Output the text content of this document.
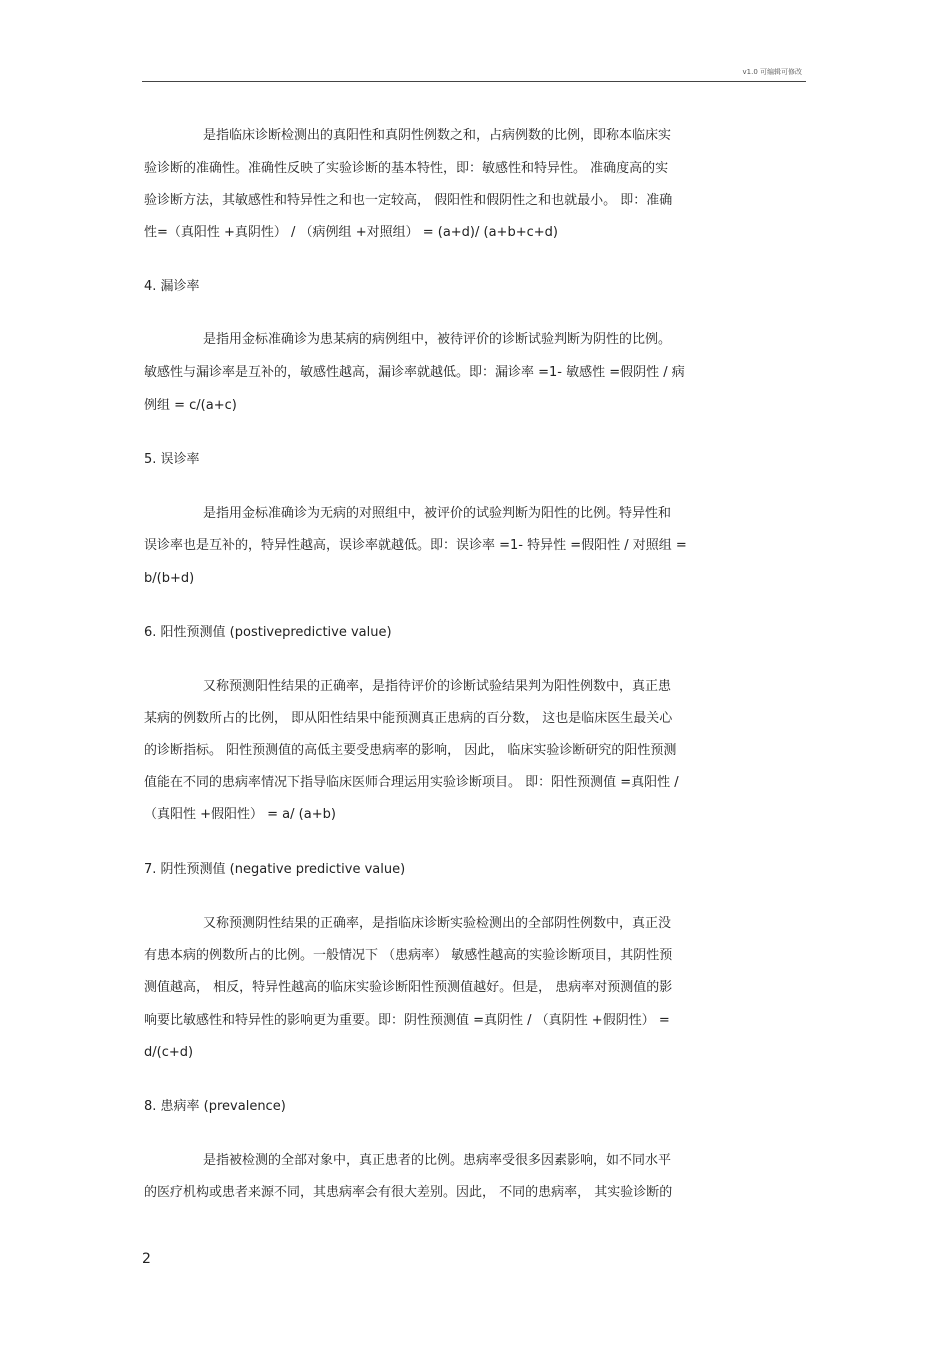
v1.0 可编辑可修改
是指临床诊断检测出的真阳性和真阴性例数之和，占病例数的比例，即称本临床实
验诊断的准确性。准确性反映了实验诊断的基本特性，即：敏感性和特异性。 准确度高的实
验诊断方法，其敏感性和特异性之和也一定较高， 假阳性和假阴性之和也就最小。 即：准确
性=（真阳性 +真阴性） / （病例组 +对照组） = (a+d)/ (a+b+c+d)
4. 漏诊率
是指用金标准确诊为患某病的病例组中，被待评价的诊断试验判断为阴性的比例。
敏感性与漏诊率是互补的，敏感性越高，漏诊率就越低。即：漏诊率 =1- 敏感性 =假阴性 / 病
例组 = c/(a+c)
5. 误诊率
是指用金标准确诊为无病的对照组中，被评价的试验判断为阳性的比例。特异性和
误诊率也是互补的，特异性越高，误诊率就越低。即：误诊率 =1- 特异性 =假阳性 / 对照组 =
b/(b+d)
6. 阳性预测值 (postivepredictive value)
又称预测阳性结果的正确率，是指待评价的诊断试验结果判为阳性例数中，真正患
某病的例数所占的比例， 即从阳性结果中能预测真正患病的百分数， 这也是临床医生最关心
的诊断指标。 阳性预测值的高低主要受患病率的影响， 因此， 临床实验诊断研究的阳性预测
值能在不同的患病率情况下指导临床医师合理运用实验诊断项目。 即：阳性预测值 =真阳性 /
（真阳性 +假阳性） = a/ (a+b)
7. 阴性预测值 (negative predictive value)
又称预测阴性结果的正确率，是指临床诊断实验检测出的全部阴性例数中，真正没
有患本病的例数所占的比例。一般情况下 （患病率） 敏感性越高的实验诊断项目，其阴性预
测值越高， 相反，特异性越高的临床实验诊断阳性预测值越好。但是， 患病率对预测值的影
响要比敏感性和特异性的影响更为重要。即：阴性预测值 =真阴性 / （真阴性 +假阴性） =
d/(c+d)
8. 患病率 (prevalence)
是指被检测的全部对象中，真正患者的比例。患病率受很多因素影响，如不同水平
的医疗机构或患者来源不同，其患病率会有很大差别。因此， 不同的患病率， 其实验诊断的
2
